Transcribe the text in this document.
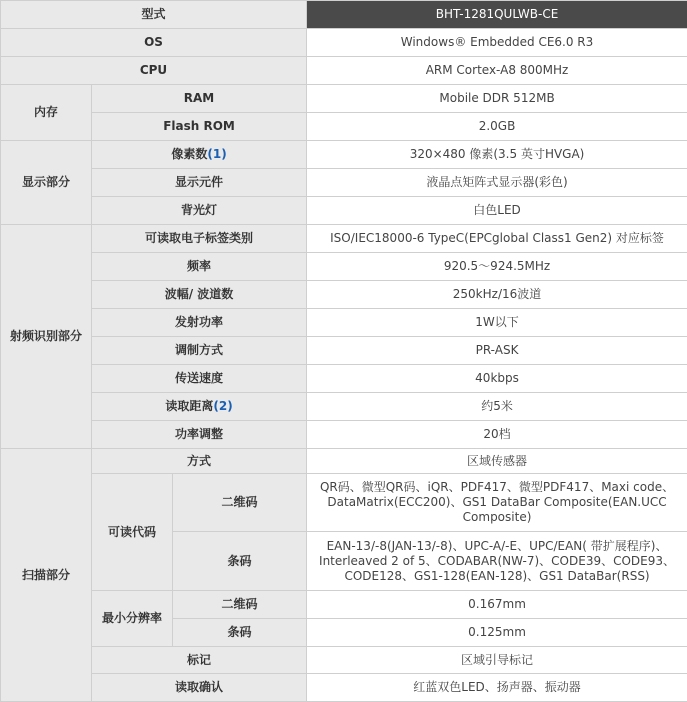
型式			BHT-1281QULWB-CE
OS			Windows® Embedded CE6.0 R3
CPU			ARM Cortex-A8 800MHz
内存	RAM		Mobile DDR 512MB
	Flash ROM		2.0GB
显示部分	像素数(1)		320×480 像素(3.5 英寸HVGA)
	显示元件		液晶点矩阵式显示器(彩色)
	背光灯		白色LED
射频识别部分	可读取电子标签类别		ISO/IEC18000-6 TypeC(EPCglobal Class1 Gen2) 对应标签
	频率		920.5～924.5MHz
	波幅/ 波道数		250kHz/16波道
	发射功率		1W以下
	调制方式		PR-ASK
	传送速度		40kbps
	读取距离(2)		约5米
	功率调整		20档
扫描部分	方式		区域传感器
	可读代码	二维码	QR码、微型QR码、iQR、PDF417、微型PDF417、Maxi code、DataMatrix(ECC200)、GS1 DataBar Composite(EAN.UCC Composite)
		条码	EAN-13/-8(JAN-13/-8)、UPC-A/-E、UPC/EAN( 带扩展程序)、Interleaved 2 of 5、CODABAR(NW-7)、CODE39、CODE93、CODE128、GS1-128(EAN-128)、GS1 DataBar(RSS)
	最小分辨率	二维码	0.167mm
		条码	0.125mm
	标记		区域引导标记
	读取确认		红蓝双色LED、扬声器、振动器
